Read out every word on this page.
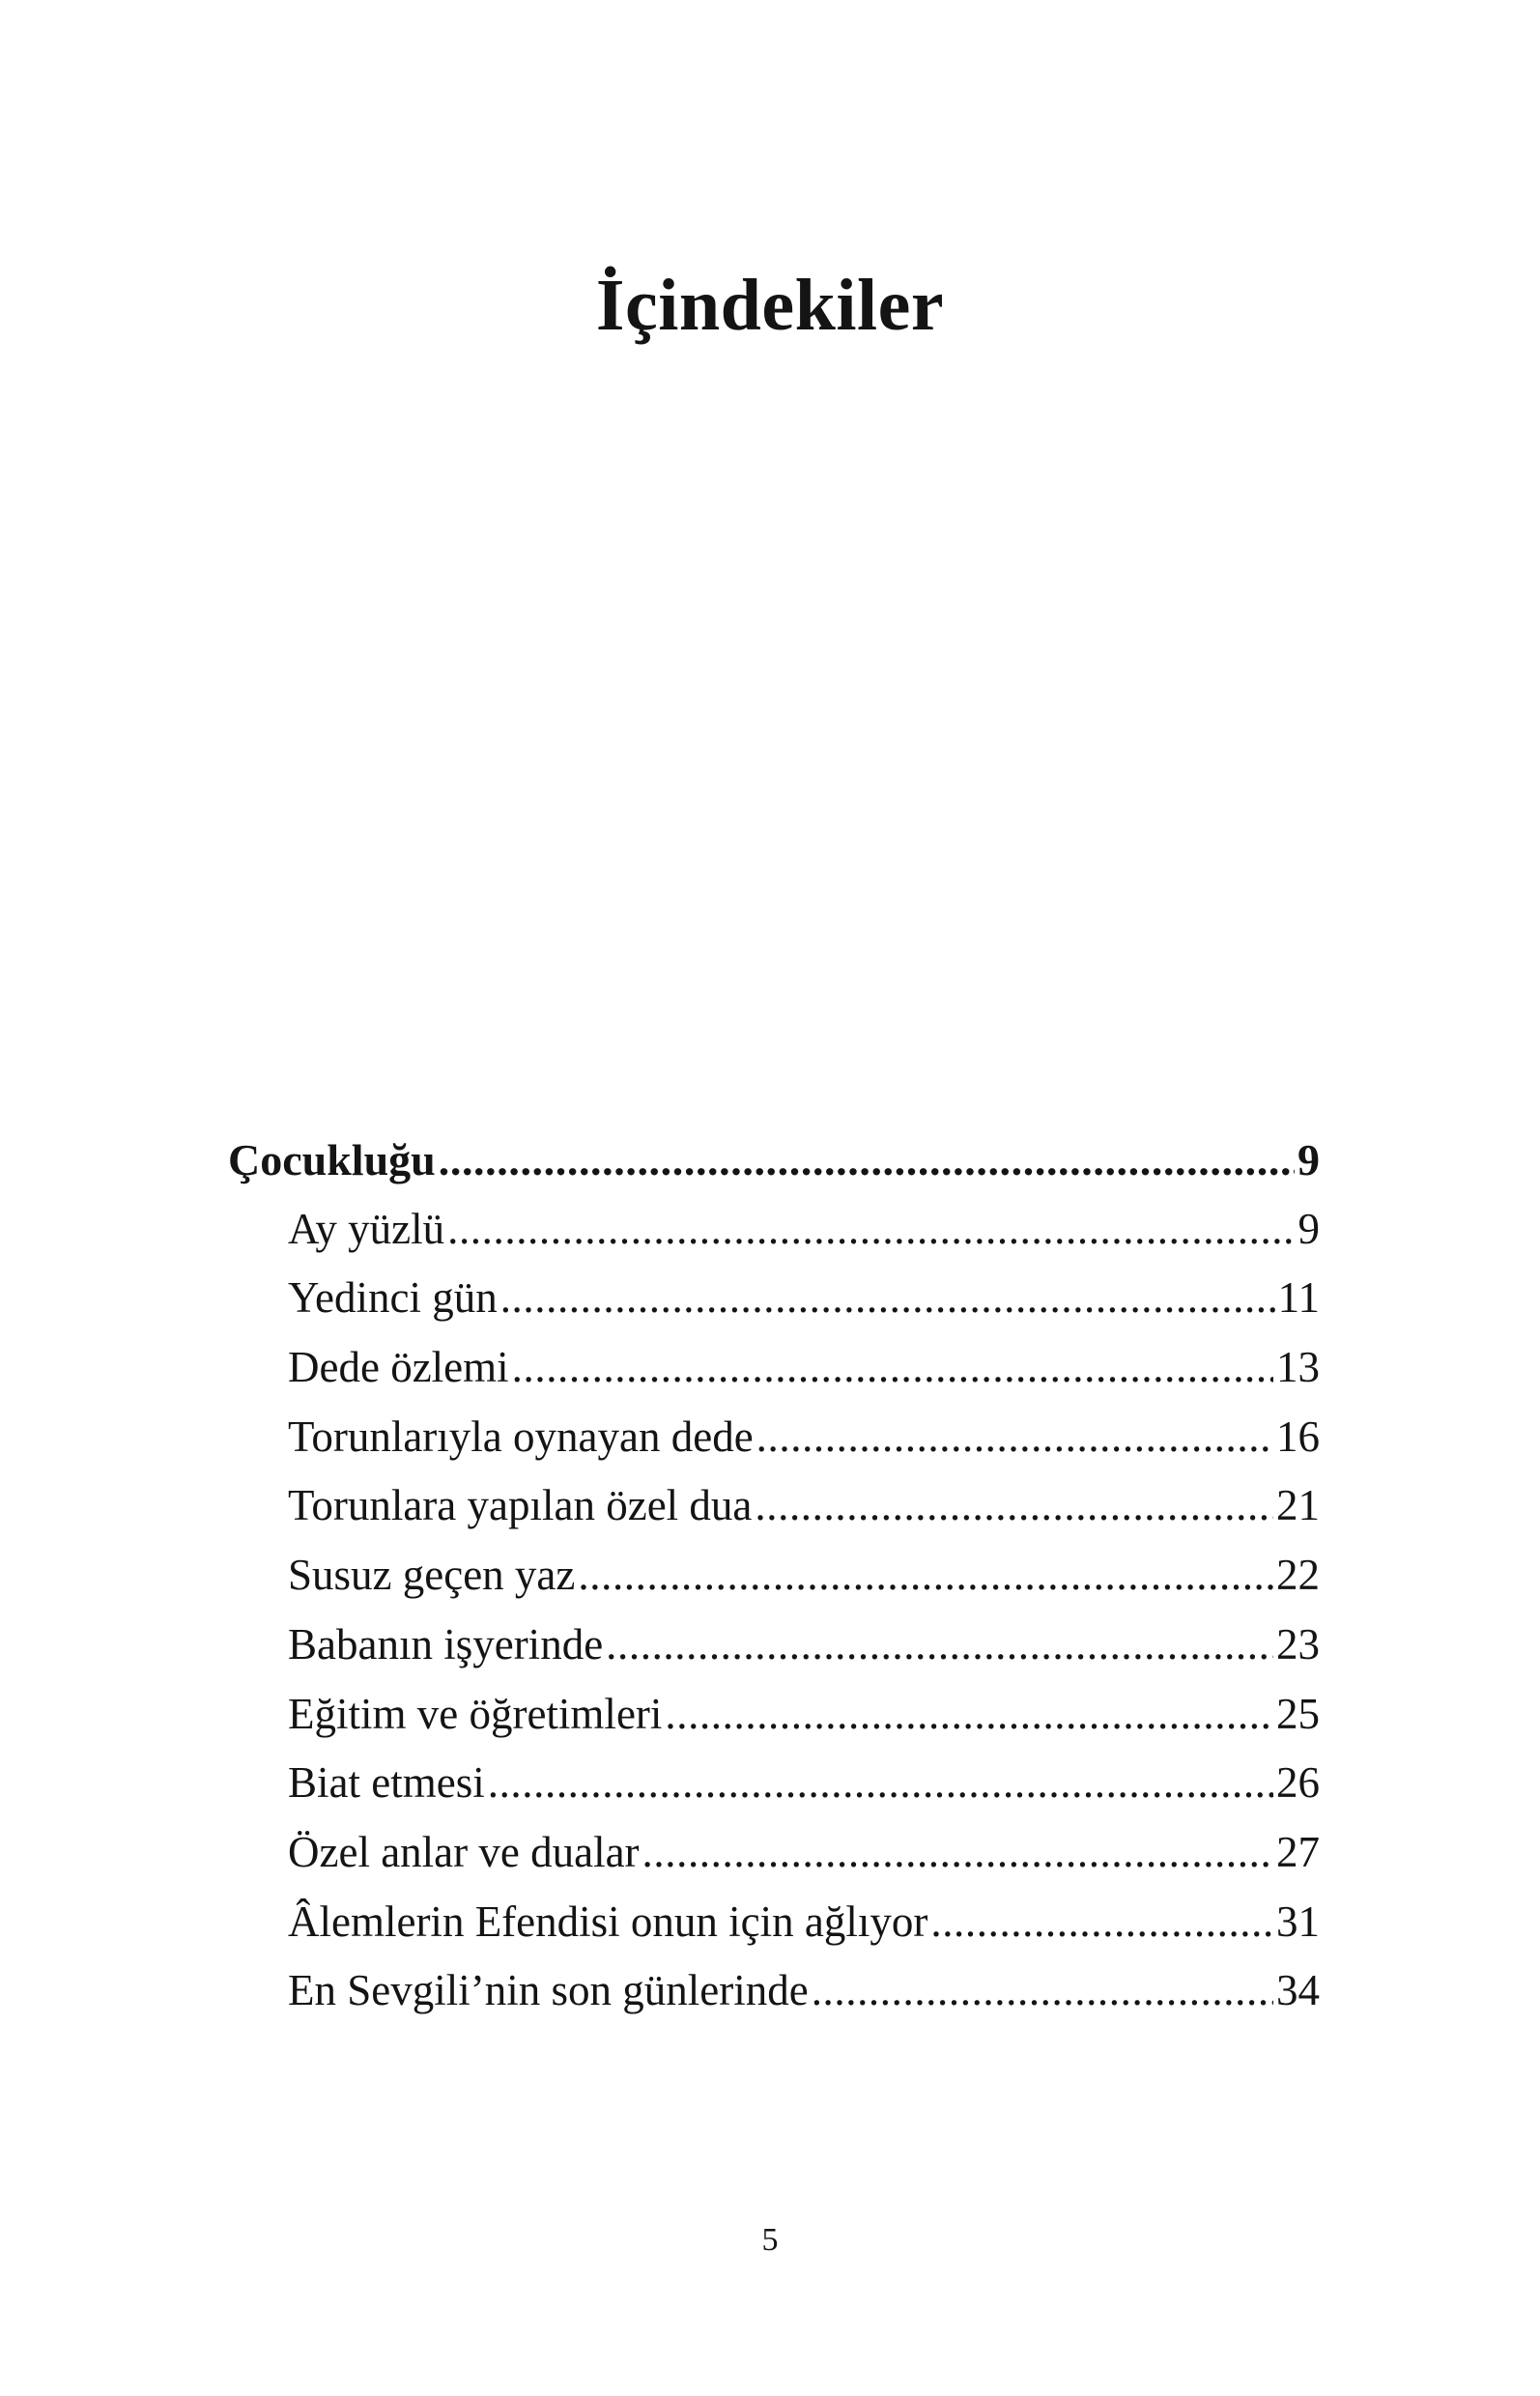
İçindekiler
Çocukluğu .....	9
Ay yüzlü .....	9
Yedinci gün .....	11
Dede özlemi .....	13
Torunlarıyla oynayan dede .....	16
Torunlara yapılan özel dua .....	21
Susuz geçen yaz .....	22
Babanın işyerinde .....	23
Eğitim ve öğretimleri .....	25
Biat etmesi .....	26
Özel anlar ve dualar .....	27
Âlemlerin Efendisi onun için ağlıyor .....	31
En Sevgili’nin son günlerinde .....	34
5
